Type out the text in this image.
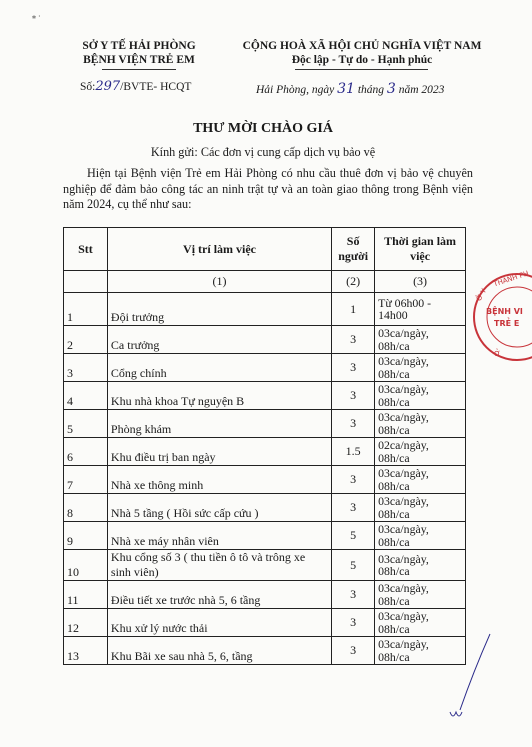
SỞ Y TẾ HẢI PHÒNG
BỆNH VIỆN TRẺ EM
Số:297/BVTE- HCQT
CỘNG HOÀ XÃ HỘI CHỦ NGHĨA VIỆT NAM
Độc lập - Tự do - Hạnh phúc
Hải Phòng, ngày 31 tháng 3 năm 2023
THƯ MỜI CHÀO GIÁ
Kính gửi: Các đơn vị cung cấp dịch vụ bảo vệ
Hiện tại Bệnh viện Trẻ em Hải Phòng có nhu cầu thuê đơn vị bảo vệ chuyên nghiệp để đảm bảo công tác an ninh trật tự và an toàn giao thông trong Bệnh viện năm 2024, cụ thể như sau:
Stt	Vị trí làm việc	Số người	Thời gian làm việc
	(1)	(2)	(3)
1	Đội trưởng	1	Từ 06h00 - 14h00
2	Ca trưởng	3	03ca/ngày, 08h/ca
3	Cổng chính	3	03ca/ngày, 08h/ca
4	Khu nhà khoa Tự nguyện B	3	03ca/ngày, 08h/ca
5	Phòng khám	3	03ca/ngày, 08h/ca
6	Khu điều trị ban ngày	1.5	02ca/ngày, 08h/ca
7	Nhà xe thông minh	3	03ca/ngày, 08h/ca
8	Nhà 5 tầng ( Hồi sức cấp cứu )	3	03ca/ngày, 08h/ca
9	Nhà xe máy nhân viên	5	03ca/ngày, 08h/ca
10	Khu cổng số 3 ( thu tiền ô tô và trông xe sinh viên)	5	03ca/ngày, 08h/ca
11	Điều tiết xe trước nhà 5, 6 tầng	3	03ca/ngày, 08h/ca
12	Khu xử lý nước thải	3	03ca/ngày, 08h/ca
13	Khu Bãi xe sau nhà 5, 6, tầng	3	03ca/ngày, 08h/ca
THÀNH PH
BỆNH VI
TRẺ E
Ở Y
Ở
⁎ ·
